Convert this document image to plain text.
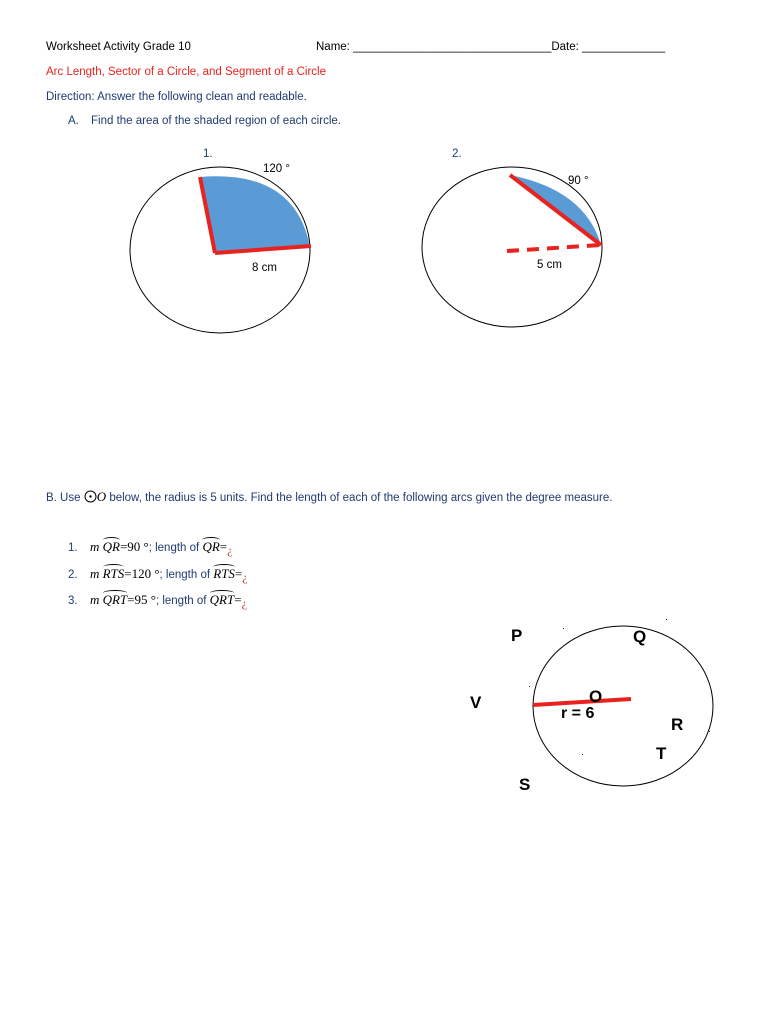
Worksheet Activity Grade 10	Name: _______________________________Date: _____________
Arc Length, Sector of a Circle, and Segment of a Circle
Direction: Answer the following clean and readable.
A. Find the area of the shaded region of each circle.
1.
120 °
8 cm
2.
90 °
5 cm
B. Use O below, the radius is 5 units. Find the length of each of the following arcs given the degree measure.
1. m QR=90 °; length of QR=¿
2. m RTS=120 °; length of RTS=¿
3. m QRT=95 °; length of QRT=¿
P	Q
V	O
r = 6
R
T
S
·
·
·
·
·
